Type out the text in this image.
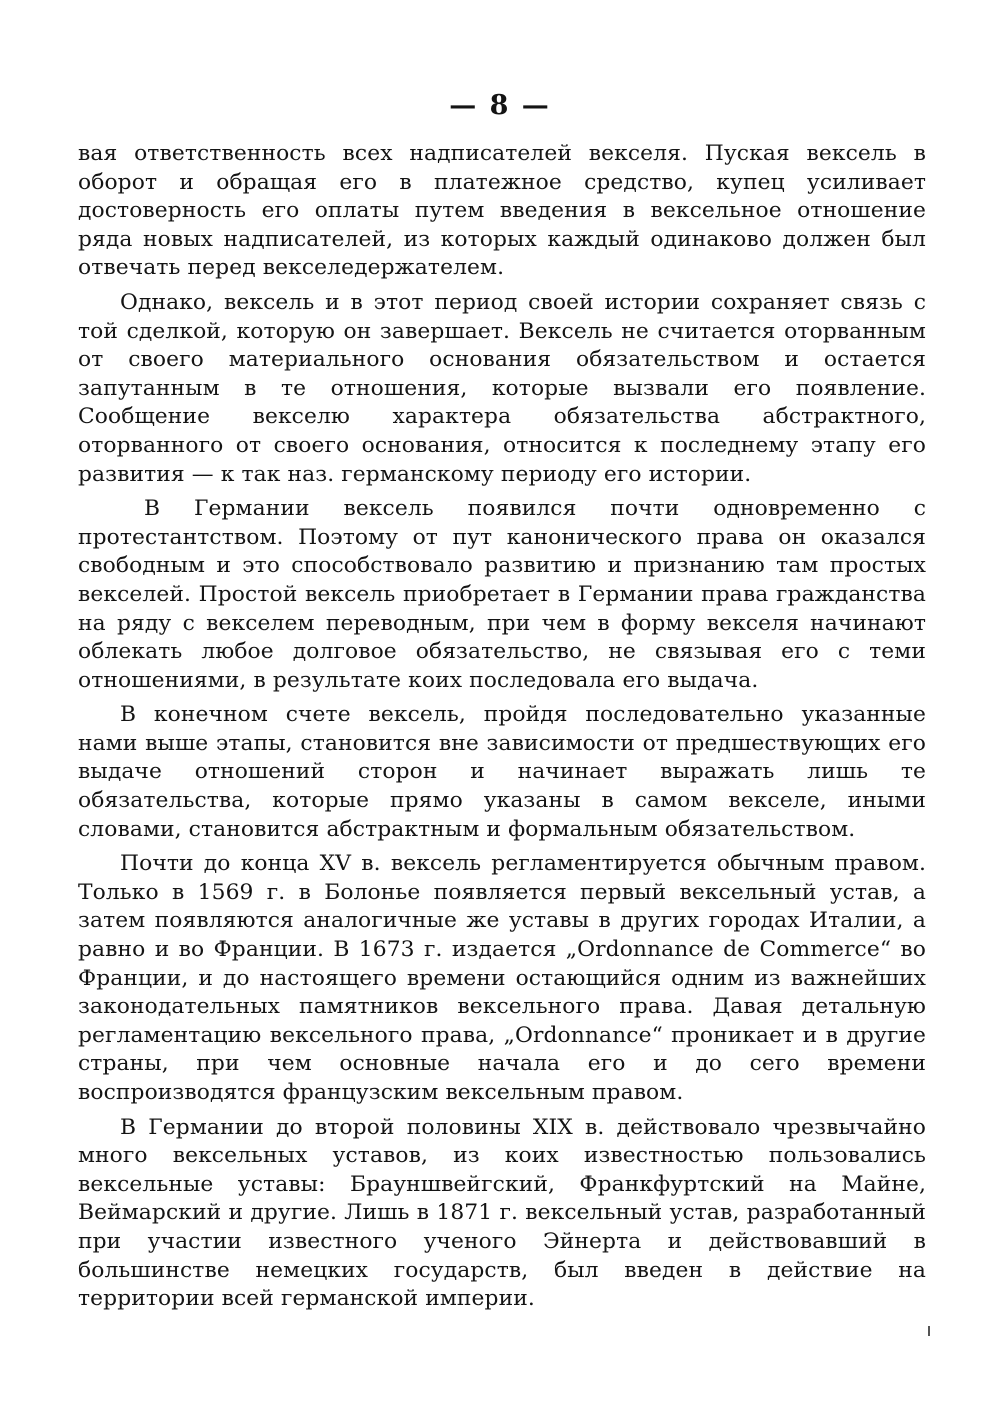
— 8 —

вая ответственность всех надписателей векселя. Пуская вексель в оборот и обращая его в платежное средство, купец усиливает достоверность его оплаты путем введения в вексельное отношение ряда новых надписателей, из которых каждый одинаково должен был отвечать перед векселедержателем.

Однако, вексель и в этот период своей истории сохраняет связь с той сделкой, которую он завершает. Вексель не считается оторванным от своего материального основания обязательством и остается запутанным в те отношения, которые вызвали его появление. Сообщение векселю характера обязательства абстрактного, оторванного от своего основания, относится к последнему этапу его развития — к так наз. германскому периоду его истории.

В Германии вексель появился почти одновременно с протестантством. Поэтому от пут канонического права он оказался свободным и это способствовало развитию и признанию там простых векселей. Простой вексель приобретает в Германии права гражданства на ряду с векселем переводным, при чем в форму векселя начинают облекать любое долговое обязательство, не связывая его с теми отношениями, в результате коих последовала его выдача.

В конечном счете вексель, пройдя последовательно указанные нами выше этапы, становится вне зависимости от предшествующих его выдаче отношений сторон и начинает выражать лишь те обязательства, которые прямо указаны в самом векселе, иными словами, становится абстрактным и формальным обязательством.

Почти до конца XV в. вексель регламентируется обычным правом. Только в 1569 г. в Болонье появляется первый вексельный устав, а затем появляются аналогичные же уставы в других городах Италии, а равно и во Франции. В 1673 г. издается „Ordonnance de Commerce“ во Франции, и до настоящего времени остающийся одним из важнейших законодательных памятников вексельного права. Давая детальную регламентацию вексельного права, „Ordonnance“ проникает и в другие страны, при чем основные начала его и до сего времени воспроизводятся французским вексельным правом.

В Германии до второй половины XIX в. действовало чрезвычайно много вексельных уставов, из коих известностью пользовались вексельные уставы: Брауншвейгский, Франкфуртский на Майне, Веймарский и другие. Лишь в 1871 г. вексельный устав, разработанный при участии известного ученого Эйнерта и действовавший в большинстве немецких государств, был введен в действие на территории всей германской империи.
